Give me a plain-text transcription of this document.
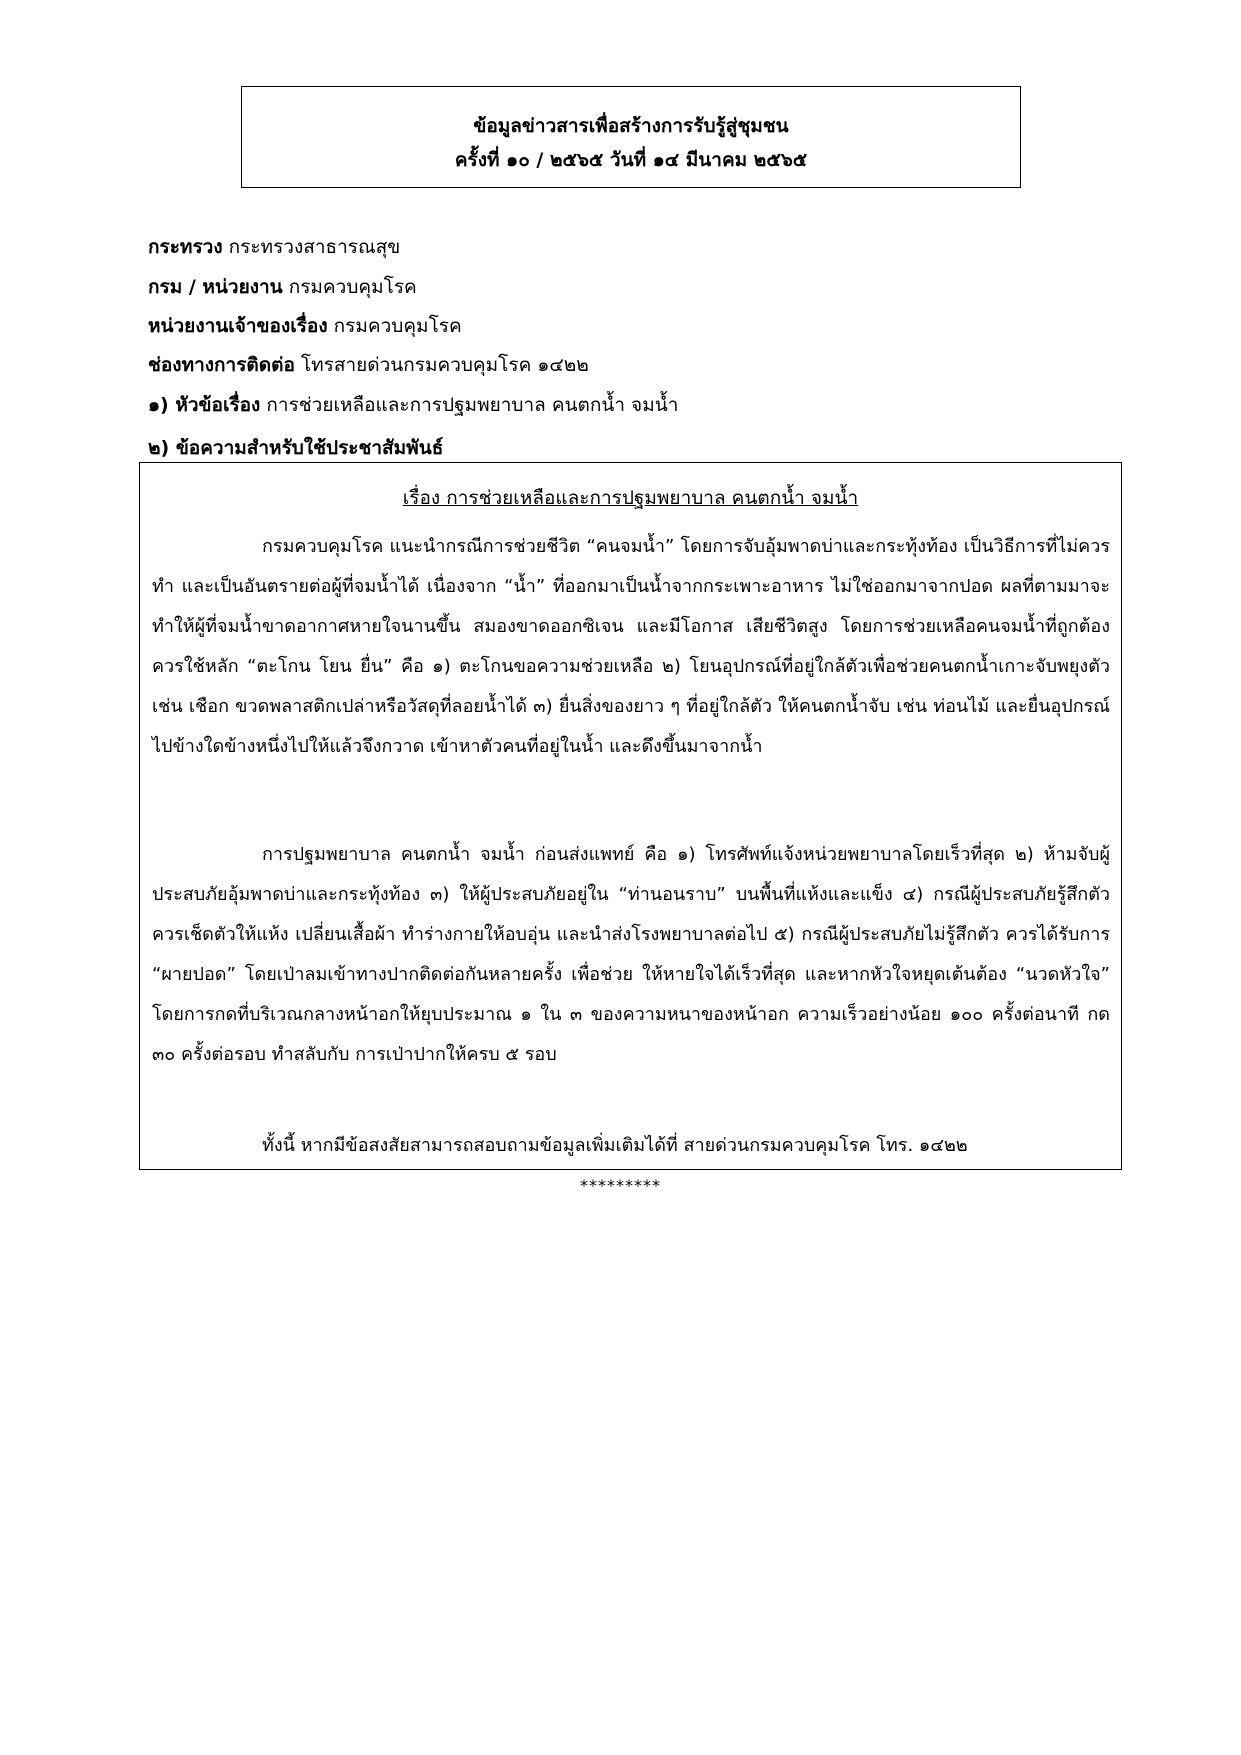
ข้อมูลข่าวสารเพื่อสร้างการรับรู้สู่ชุมชน
ครั้งที่ ๑๐ / ๒๕๖๕ วันที่ ๑๔ มีนาคม ๒๕๖๕
กระทรวง กระทรวงสาธารณสุข
กรม / หน่วยงาน กรมควบคุมโรค
หน่วยงานเจ้าของเรื่อง กรมควบคุมโรค
ช่องทางการติดต่อ โทรสายด่วนกรมควบคุมโรค ๑๔๒๒
๑) หัวข้อเรื่อง การช่วยเหลือและการปฐมพยาบาล คนตกน้ำ จมน้ำ
๒) ข้อความสำหรับใช้ประชาสัมพันธ์
เรื่อง การช่วยเหลือและการปฐมพยาบาล คนตกน้ำ จมน้ำ

กรมควบคุมโรค แนะนำกรณีการช่วยชีวิต “คนจมน้ำ” โดยการจับอุ้มพาดบ่าและกระทุ้งท้อง เป็นวิธีการที่ไม่ควรทำ และเป็นอันตรายต่อผู้ที่จมน้ำได้ เนื่องจาก “น้ำ” ที่ออกมาเป็นน้ำจากกระเพาะอาหาร ไม่ใช่ออกมาจากปอด ผลที่ตามมาจะทำให้ผู้ที่จมน้ำขาดอากาศหายใจนานขึ้น สมองขาดออกซิเจน และมีโอกาส เสียชีวิตสูง โดยการช่วยเหลือคนจมน้ำที่ถูกต้อง ควรใช้หลัก “ตะโกน โยน ยื่น” คือ ๑) ตะโกนขอความช่วยเหลือ ๒) โยนอุปกรณ์ที่อยู่ใกล้ตัวเพื่อช่วยคนตกน้ำเกาะจับพยุงตัว เช่น เชือก ขวดพลาสติกเปล่าหรือวัสดุที่ลอยน้ำได้ ๓) ยื่นสิ่งของยาว ๆ ที่อยู่ใกล้ตัว ให้คนตกน้ำจับ เช่น ท่อนไม้ และยื่นอุปกรณ์ไปข้างใดข้างหนึ่งไปให้แล้วจึงกวาด เข้าหาตัวคนที่อยู่ในน้ำ และดึงขึ้นมาจากน้ำ

การปฐมพยาบาล คนตกน้ำ จมน้ำ ก่อนส่งแพทย์ คือ ๑) โทรศัพท์แจ้งหน่วยพยาบาลโดยเร็วที่สุด ๒) ห้ามจับผู้ประสบภัยอุ้มพาดบ่าและกระทุ้งท้อง ๓) ให้ผู้ประสบภัยอยู่ใน “ท่านอนราบ” บนพื้นที่แห้งและแข็ง ๔) กรณีผู้ประสบภัยรู้สึกตัว ควรเช็ดตัวให้แห้ง เปลี่ยนเสื้อผ้า ทำร่างกายให้อบอุ่น และนำส่งโรงพยาบาลต่อไป ๕) กรณีผู้ประสบภัยไม่รู้สึกตัว ควรได้รับการ “ผายปอด” โดยเป่าลมเข้าทางปากติดต่อกันหลายครั้ง เพื่อช่วย ให้หายใจได้เร็วที่สุด และหากหัวใจหยุดเต้นต้อง “นวดหัวใจ” โดยการกดที่บริเวณกลางหน้าอกให้ยุบประมาณ ๑ ใน ๓ ของความหนาของหน้าอก ความเร็วอย่างน้อย ๑๐๐ ครั้งต่อนาที กด ๓๐ ครั้งต่อรอบ ทำสลับกับ การเป่าปากให้ครบ ๕ รอบ

ทั้งนี้ หากมีข้อสงสัยสามารถสอบถามข้อมูลเพิ่มเติมได้ที่ สายด่วนกรมควบคุมโรค โทร. ๑๔๒๒

*********
